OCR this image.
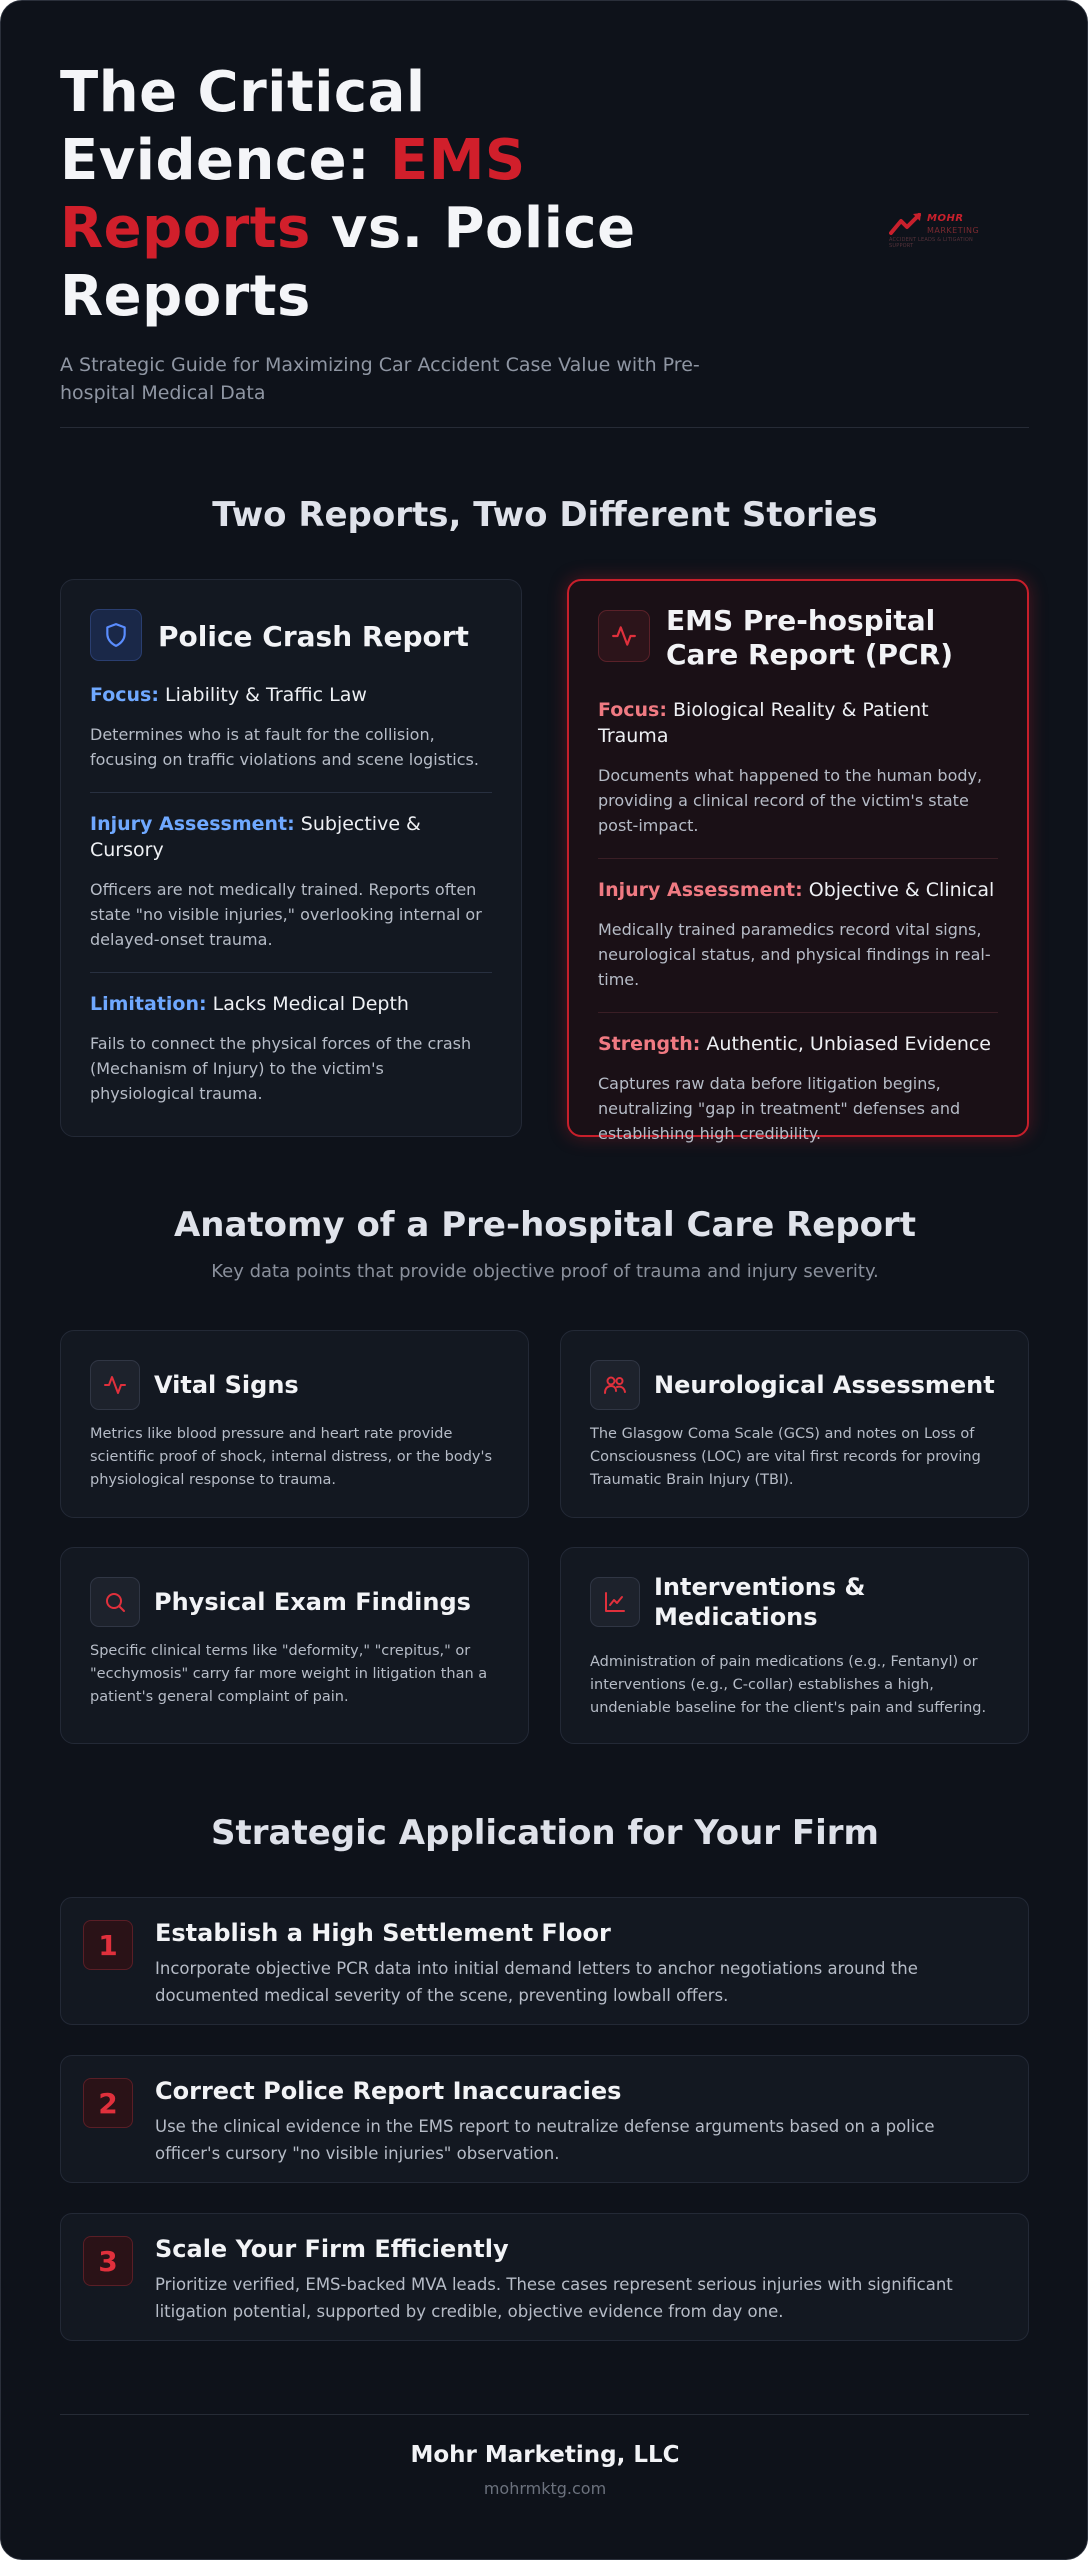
The Critical Evidence: EMS Reports vs. Police Reports
A Strategic Guide for Maximizing Car Accident Case Value with Pre-hospital Medical Data
MOHR
MARKETING
ACCIDENT LEADS & LITIGATION SUPPORT
Two Reports, Two Different Stories
Police Crash Report
Focus: Liability & Traffic Law
Determines who is at fault for the collision, focusing on traffic violations and scene logistics.
Injury Assessment: Subjective & Cursory
Officers are not medically trained. Reports often state "no visible injuries," overlooking internal or delayed-onset trauma.
Limitation: Lacks Medical Depth
Fails to connect the physical forces of the crash (Mechanism of Injury) to the victim's physiological trauma.
EMS Pre-hospital Care Report (PCR)
Focus: Biological Reality & Patient Trauma
Documents what happened to the human body, providing a clinical record of the victim's state post-impact.
Injury Assessment: Objective & Clinical
Medically trained paramedics record vital signs, neurological status, and physical findings in real-time.
Strength: Authentic, Unbiased Evidence
Captures raw data before litigation begins, neutralizing "gap in treatment" defenses and establishing high credibility.
Anatomy of a Pre-hospital Care Report
Key data points that provide objective proof of trauma and injury severity.
Vital Signs
Metrics like blood pressure and heart rate provide scientific proof of shock, internal distress, or the body's physiological response to trauma.
Neurological Assessment
The Glasgow Coma Scale (GCS) and notes on Loss of Consciousness (LOC) are vital first records for proving Traumatic Brain Injury (TBI).
Physical Exam Findings
Specific clinical terms like "deformity," "crepitus," or "ecchymosis" carry far more weight in litigation than a patient's general complaint of pain.
Interventions & Medications
Administration of pain medications (e.g., Fentanyl) or interventions (e.g., C-collar) establishes a high, undeniable baseline for the client's pain and suffering.
Strategic Application for Your Firm
1	Establish a High Settlement Floor
Incorporate objective PCR data into initial demand letters to anchor negotiations around the documented medical severity of the scene, preventing lowball offers.
2	Correct Police Report Inaccuracies
Use the clinical evidence in the EMS report to neutralize defense arguments based on a police officer's cursory "no visible injuries" observation.
3	Scale Your Firm Efficiently
Prioritize verified, EMS-backed MVA leads. These cases represent serious injuries with significant litigation potential, supported by credible, objective evidence from day one.
Mohr Marketing, LLC
mohrmktg.com
